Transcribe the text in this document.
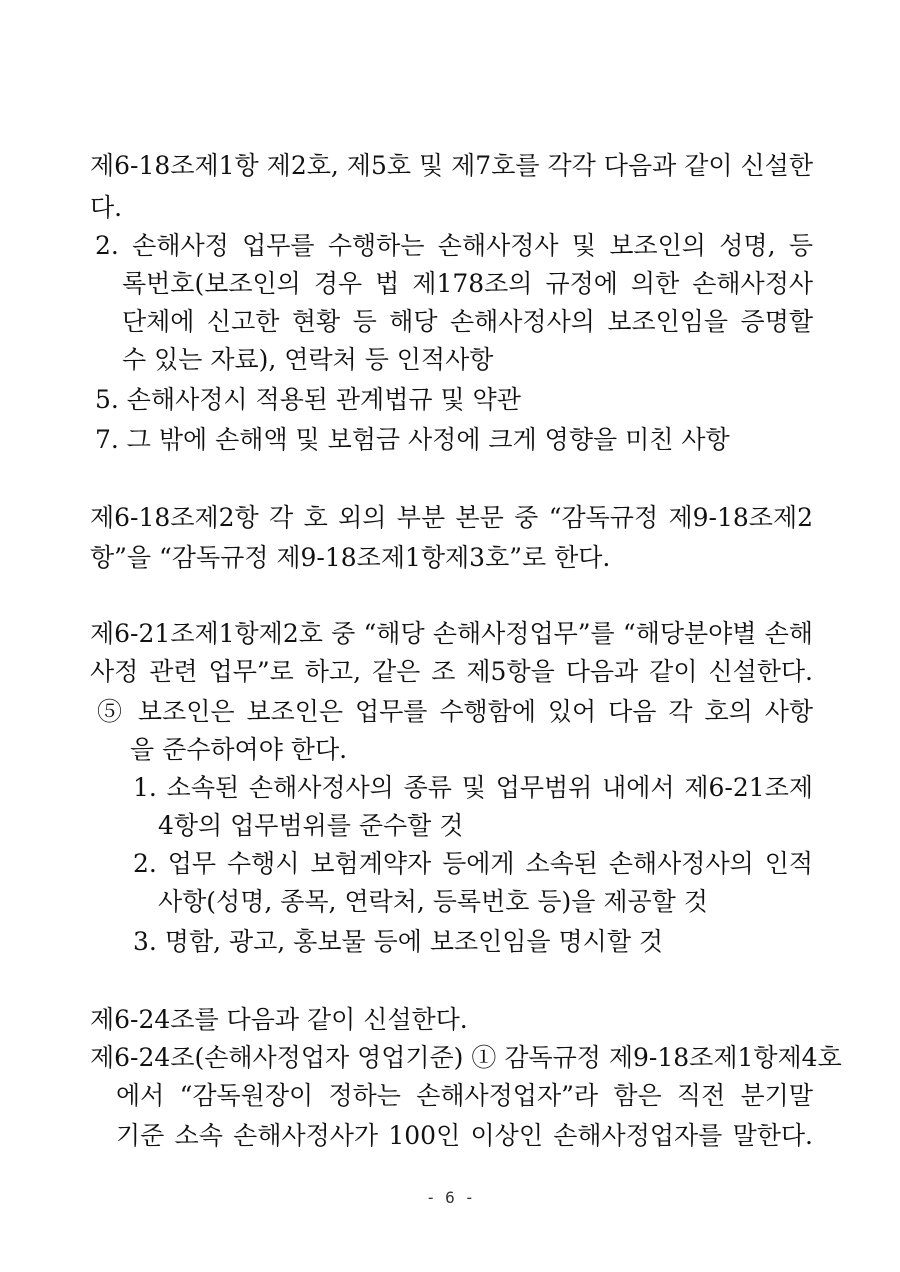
제6-18조제1항 제2호, 제5호 및 제7호를 각각 다음과 같이 신설한
다.
2. 손해사정 업무를 수행하는 손해사정사 및 보조인의 성명, 등
록번호(보조인의 경우 법 제178조의 규정에 의한 손해사정사
단체에 신고한 현황 등 해당 손해사정사의 보조인임을 증명할
수 있는 자료), 연락처 등 인적사항
5. 손해사정시 적용된 관계법규 및 약관
7. 그 밖에 손해액 및 보험금 사정에 크게 영향을 미친 사항
제6-18조제2항 각 호 외의 부분 본문 중 “감독규정 제9-18조제2
항”을 “감독규정 제9-18조제1항제3호”로 한다.
제6-21조제1항제2호 중 “해당 손해사정업무”를 “해당분야별 손해
사정 관련 업무”로 하고, 같은 조 제5항을 다음과 같이 신설한다.
⑤ 보조인은 보조인은 업무를 수행함에 있어 다음 각 호의 사항
을 준수하여야 한다.
1. 소속된 손해사정사의 종류 및 업무범위 내에서 제6-21조제
4항의 업무범위를 준수할 것
2. 업무 수행시 보험계약자 등에게 소속된 손해사정사의 인적
사항(성명, 종목, 연락처, 등록번호 등)을 제공할 것
3. 명함, 광고, 홍보물 등에 보조인임을 명시할 것
제6-24조를 다음과 같이 신설한다.
제6-24조(손해사정업자 영업기준) ① 감독규정 제9-18조제1항제4호
에서 “감독원장이 정하는 손해사정업자”라 함은 직전 분기말
기준 소속 손해사정사가 100인 이상인 손해사정업자를 말한다.
- 6 -
